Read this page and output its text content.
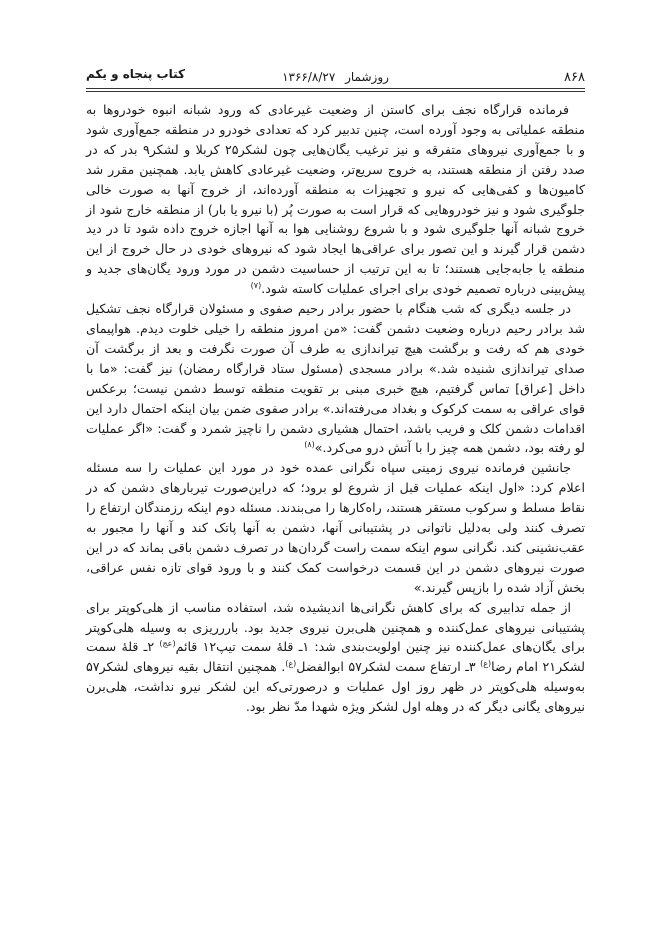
۸۶۸
روزشمار ۱۳۶۶/۸/۲۷
کتاب پنجاه و یکم

فرمانده قرارگاه نجف برای کاستن از وضعیت غیرعادی که ورود شبانه انبوه خودروها به منطقه عملیاتی به وجود آورده است، چنین تدبیر کرد که تعدادی خودرو در منطقه جمع‌آوری شود و با جمع‌آوری نیروهای متفرقه و نیز ترغیب یگان‌هایی چون لشکر۲۵ کربلا و لشکر۹ بدر که در صدد رفتن از منطقه هستند، به خروج سریع‌تر، وضعیت غیرعادی کاهش یابد. همچنین مقرر شد کامیون‌ها و کفی‌هایی که نیرو و تجهیزات به منطقه آورده‌اند، از خروج آنها به صورت خالی جلوگیری شود و نیز خودروهایی که قرار است به صورت پُر (با نیرو یا بار) از منطقه خارج شود از خروج شبانه آنها جلوگیری شود و با شروع روشنایی هوا به آنها اجازه خروج داده شود تا در دید دشمن قرار گیرند و این تصور برای عراقی‌ها ایجاد شود که نیروهای خودی در حال خروج از این منطقه یا جابه‌جایی هستند؛ تا به این ترتیب از حساسیت دشمن در مورد ورود یگان‌های جدید و پیش‌بینی درباره تصمیم خودی برای اجرای عملیات کاسته شود.$^{(۷)}$

در جلسه دیگری که شب هنگام با حضور برادر رحیم صفوی و مسئولان قرارگاه نجف تشکیل شد برادر رحیم درباره وضعیت دشمن گفت: «من امروز منطقه را خیلی خلوت دیدم. هواپیمای خودی هم که رفت و برگشت هیچ تیراندازی به طرف آن صورت نگرفت و بعد از برگشت آن صدای تیراندازی شنیده شد.» برادر مسجدی (مسئول ستاد قرارگاه رمضان) نیز گفت: «ما با داخل [عراق] تماس گرفتیم، هیچ خبری مبنی بر تقویت منطقه توسط دشمن نیست؛ برعکس قوای عراقی به سمت کرکوک و بغداد می‌رفته‌اند.» برادر صفوی ضمن بیان اینکه احتمال دارد این اقدامات دشمن کلک و فریب باشد، احتمال هشیاری دشمن را ناچیز شمرد و گفت: «اگر عملیات لو رفته بود، دشمن همه چیز را با آتش درو می‌کرد.»$^{(۸)}$

جانشین فرمانده نیروی زمینی سپاه نگرانی عمده خود در مورد این عملیات را سه مسئله اعلام کرد: «اول اینکه عملیات قبل از شروع لو برود؛ که دراین‌صورت تیربارهای دشمن که در نقاط مسلط و سرکوب مستقر هستند، راه‌کارها را می‌بندند. مسئله دوم اینکه رزمندگان ارتفاع را تصرف کنند ولی به‌دلیل ناتوانی در پشتیبانی آنها، دشمن به آنها پاتک کند و آنها را مجبور به عقب‌نشینی کند. نگرانی سوم اینکه سمت راست گردان‌ها در تصرف دشمن باقی بماند که در این صورت نیروهای دشمن در این قسمت درخواست کمک کنند و با ورود قوای تازه نفس عراقی، بخش آزاد شده را بازپس گیرند.»

از جمله تدابیری که برای کاهش نگرانی‌ها اندیشیده شد، استفاده مناسب از هلی‌کوپتر برای پشتیبانی نیروهای عمل‌کننده و همچنین هلی‌برن نیروی جدید بود. باررریزی به وسیله هلی‌کوپتر برای یگان‌های عمل‌کننده نیز چنین اولویت‌بندی شد: ۱ـ قلهٔ سمت تیپ۱۲ قائم$^{(عج)}$ ۲ـ قلهٔ سمت لشکر۲۱ امام رضا$^{(ع)}$ ۳ـ ارتفاع سمت لشکر۵۷ ابوالفضل$^{(ع)}$. همچنین انتقال بقیه نیروهای لشکر۵۷ به‌وسیله هلی‌کوپتر در ظهر روز اول عملیات و درصورتی‌که این لشکر نیرو نداشت، هلی‌برن نیروهای یگانی دیگر که در وهله اول لشکر ویژه شهدا مدّ نظر بود.
